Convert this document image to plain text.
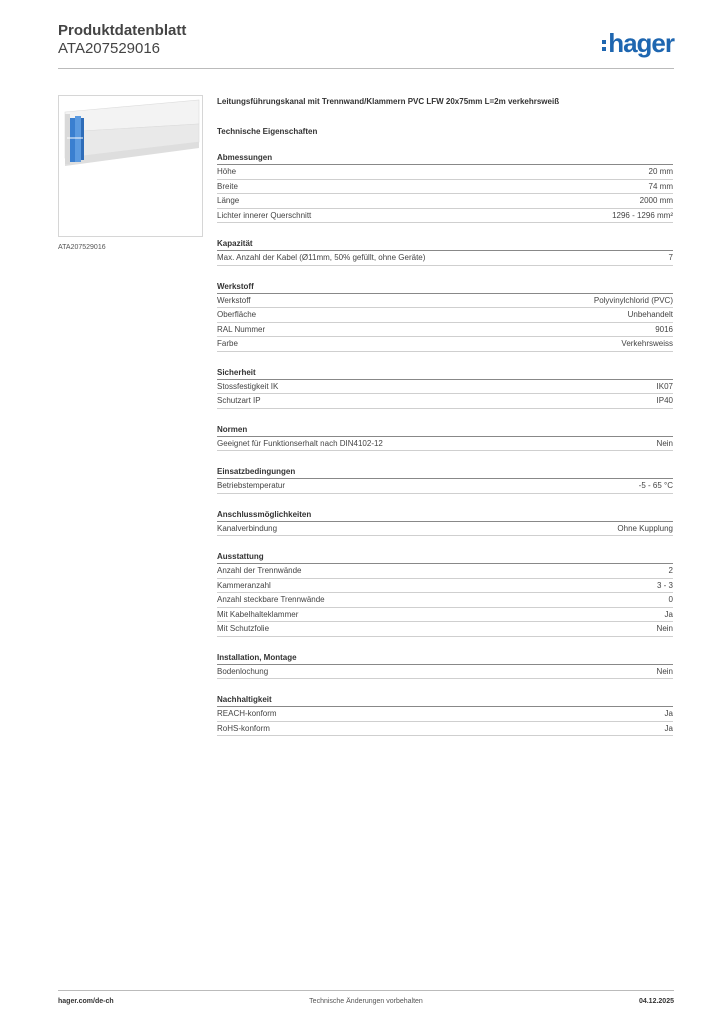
Produktdatenblatt
ATA207529016	hager
ATA207529016
Leitungsführungskanal mit Trennwand/Klammern PVC LFW 20x75mm L=2m verkehrsweiß
Technische Eigenschaften
Abmessungen
Höhe	20 mm
Breite	74 mm
Länge	2000 mm
Lichter innerer Querschnitt	1296 - 1296 mm²
Kapazität
Max. Anzahl der Kabel (Ø11mm, 50% gefüllt, ohne Geräte)	7
Werkstoff
Werkstoff	Polyvinylchlorid (PVC)
Oberfläche	Unbehandelt
RAL Nummer	9016
Farbe	Verkehrsweiss
Sicherheit
Stossfestigkeit IK	IK07
Schutzart IP	IP40
Normen
Geeignet für Funktionserhalt nach DIN4102-12	Nein
Einsatzbedingungen
Betriebstemperatur	-5 - 65 °C
Anschlussmöglichkeiten
Kanalverbindung	Ohne Kupplung
Ausstattung
Anzahl der Trennwände	2
Kammeranzahl	3 - 3
Anzahl steckbare Trennwände	0
Mit Kabelhalteklammer	Ja
Mit Schutzfolie	Nein
Installation, Montage
Bodenlochung	Nein
Nachhaltigkeit
REACH-konform	Ja
RoHS-konform	Ja
hager.com/de-ch	Technische Änderungen vorbehalten	04.12.2025
